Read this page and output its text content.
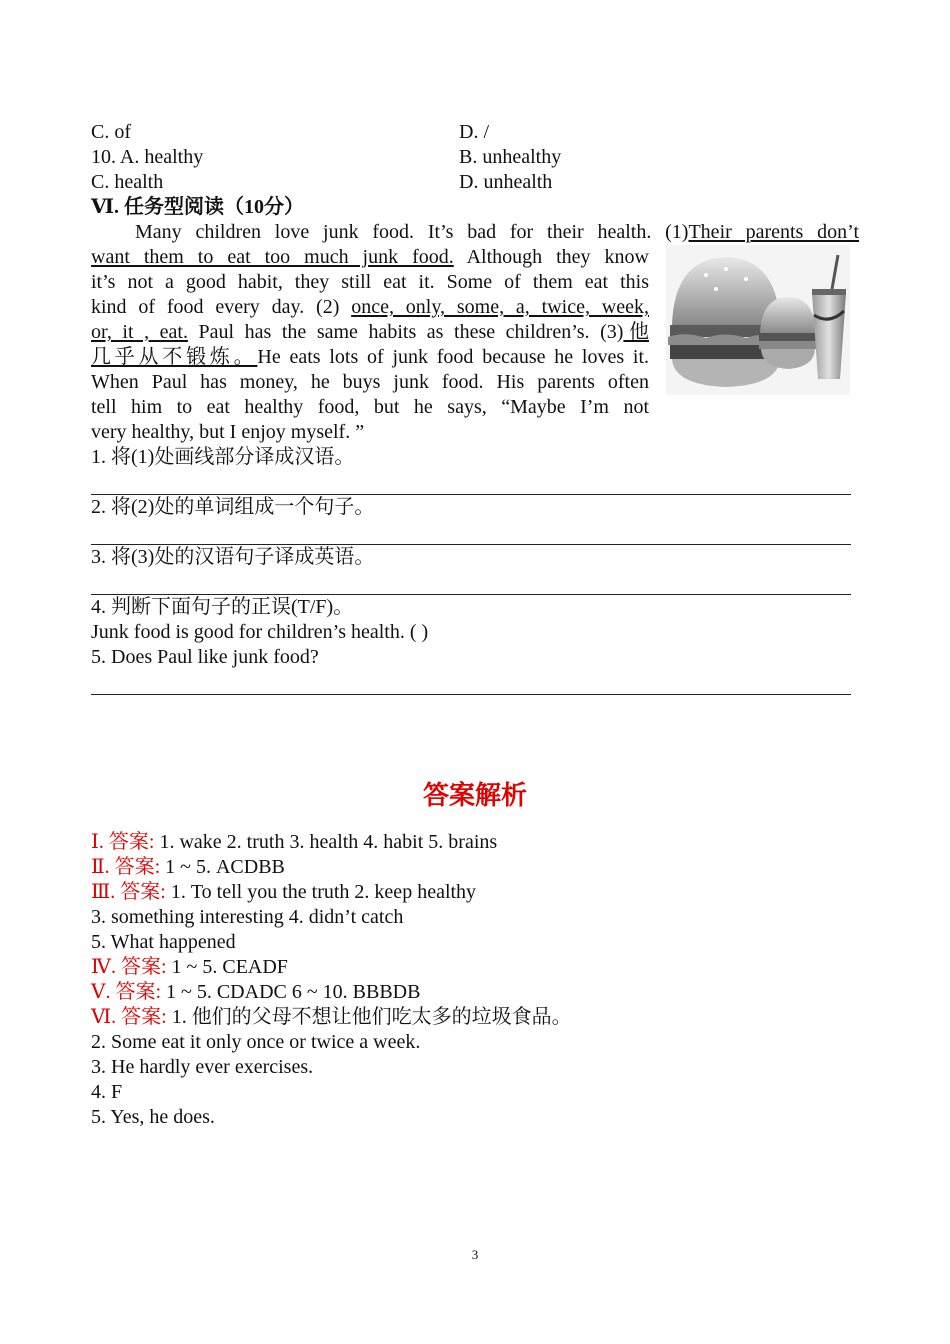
C. of	D. /
10. A. healthy	B. unhealthy
C. health	D. unhealth
Ⅵ. 任务型阅读（10分）
Many children love junk food. It’s bad for their health. (1)Their parents don’t
want them to eat too much junk food. Although they know
it’s not a good habit, they still eat it. Some of them eat this
kind of food every day. (2) once, only, some, a, twice, week,
or, it , eat. Paul has the same habits as these children’s. (3)他
几乎从不锻炼。He eats lots of junk food because he loves it.
When Paul has money, he buys junk food. His parents often
tell him to eat healthy food, but he says, “Maybe I’m not
very healthy, but I enjoy myself. ”
1. 将(1)处画线部分译成汉语。
2. 将(2)处的单词组成一个句子。
3. 将(3)处的汉语句子译成英语。
4. 判断下面句子的正误(T/F)。
Junk food is good for children’s health. ( )
5. Does Paul like junk food?
答案解析
Ⅰ. 答案: 1. wake 2. truth 3. health 4. habit 5. brains
Ⅱ. 答案: 1 ~ 5. ACDBB
Ⅲ. 答案: 1. To tell you the truth 2. keep healthy
3. something interesting 4. didn’t catch
5. What happened
Ⅳ. 答案: 1 ~ 5. CEADF
Ⅴ. 答案: 1 ~ 5. CDADC 6 ~ 10. BBBDB
Ⅵ. 答案: 1. 他们的父母不想让他们吃太多的垃圾食品。
2. Some eat it only once or twice a week.
3. He hardly ever exercises.
4. F
5. Yes, he does.
3
